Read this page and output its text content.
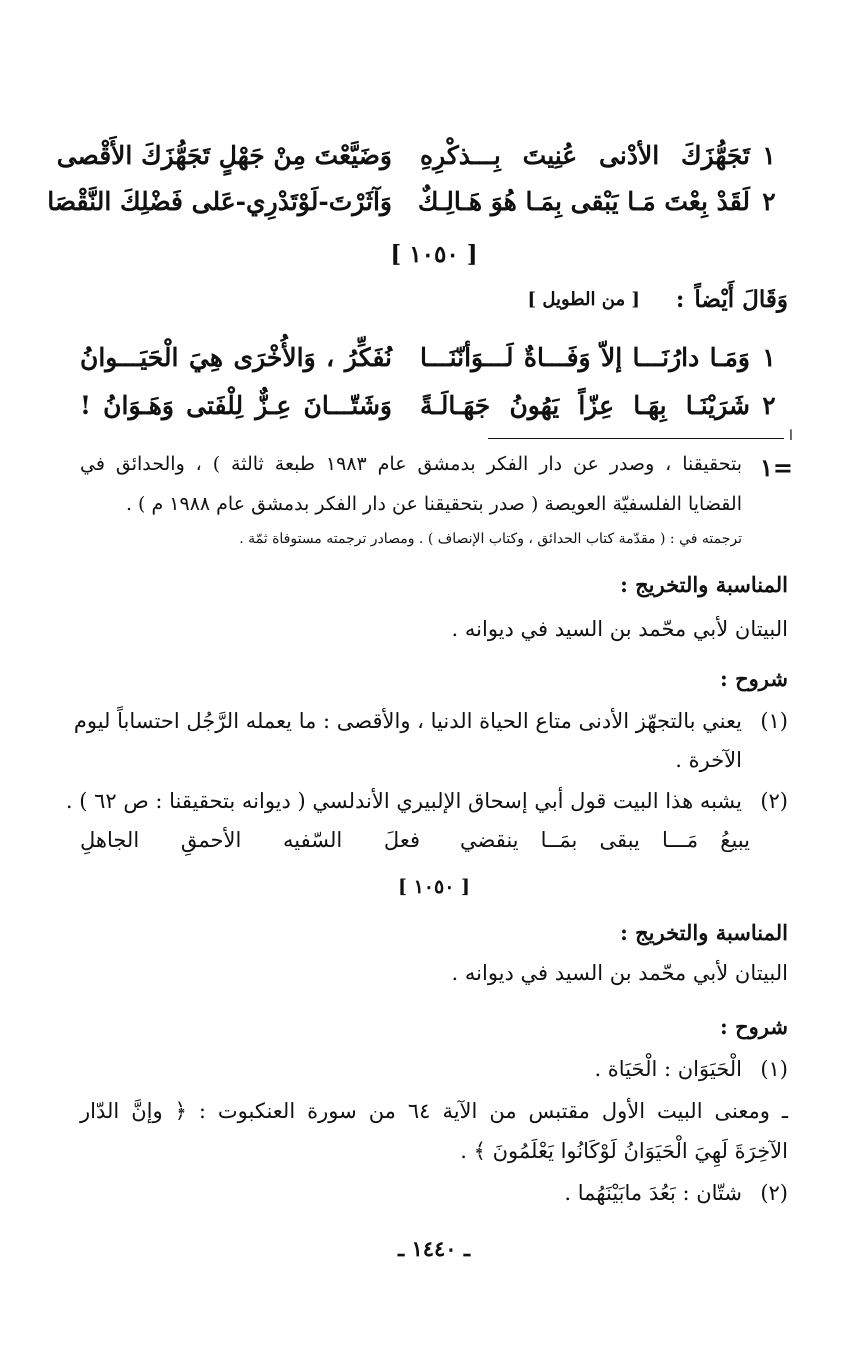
١
تَجَهُّزَكَ الأدْنى عُنِيتَ بِـــذكْرِهِ
وَضَيَّعْتَ مِنْ جَهْلٍ تَجَهُّزَكَ الأَقْصى
٢
لَقَدْ بِعْتَ مَـا يَبْقى بِمَـا هُوَ هَـالِـكٌ
وَآثَرْتَ-لَوْتَدْرِي-عَلى فَضْلِكَ النَّقْصَا
[ ١٠٥٠ ]
وَقَالَ أَيْضاً
:
[ من الطويل ]
١
وَمَـا دارُنَـــا إلاّ وَفَـــاةٌ لَـــوَأنّنَـــا
نُفَكِّرُ ، وَالأُخْرَى هِيَ الْحَيَـــوانُ
٢
شَرَيْنَـا بِهَـا عِزّاً يَهُونُ جَهَـالَـةً
وَشَتّـــانَ عِـزٌّ لِلْفَتى وَهَـوَانُ !
ا
١=
بتحقيقنا ، وصدر عن دار الفكر بدمشق عام ١٩٨٣ طبعة ثالثة ) ، والحدائق في
القضايا الفلسفيّة العويصة ( صدر بتحقيقنا عن دار الفكر بدمشق عام ١٩٨٨ م ) .
ترجمته في : ( مقدّمة كتاب الحدائق ، وكتاب الإنصاف ) . ومصادر ترجمته مستوفاة ثمّة .
المناسبة والتخريج :
البيتان لأبي محّمد بن السيد في ديوانه .
شروح :
(١)
يعني بالتجهّز الأدنى متاع الحياة الدنيا ، والأقصى : ما يعمله الرَّجُل احتساباً ليوم
الآخرة .
(٢)
يشبه هذا البيت قول أبي إسحاق الإلبيري الأندلسي ( ديوانه بتحقيقنا : ص ٦٢ ) .
يبيعُ مَـــا يبقى بمَــا ينقضي
فعلَ السّفيه الأحمقِ الجاهلِ
[ ١٠٥٠ ]
المناسبة والتخريج :
البيتان لأبي محّمد بن السيد في ديوانه .
شروح :
(١)
الْحَيَوَان : الْحَيَاة .
ـ ومعنى البيت الأول مقتبس من الآية ٦٤ من سورة العنكبوت : ﴿ وإنَّ الدّار
الآخِرَةَ لَهِيَ الْحَيَوَانُ لَوْكَانُوا يَعْلَمُونَ ﴾ .
(٢)
شتّان : بَعُدَ مابَيْنَهُما .
ـ ١٤٤٠ ـ
